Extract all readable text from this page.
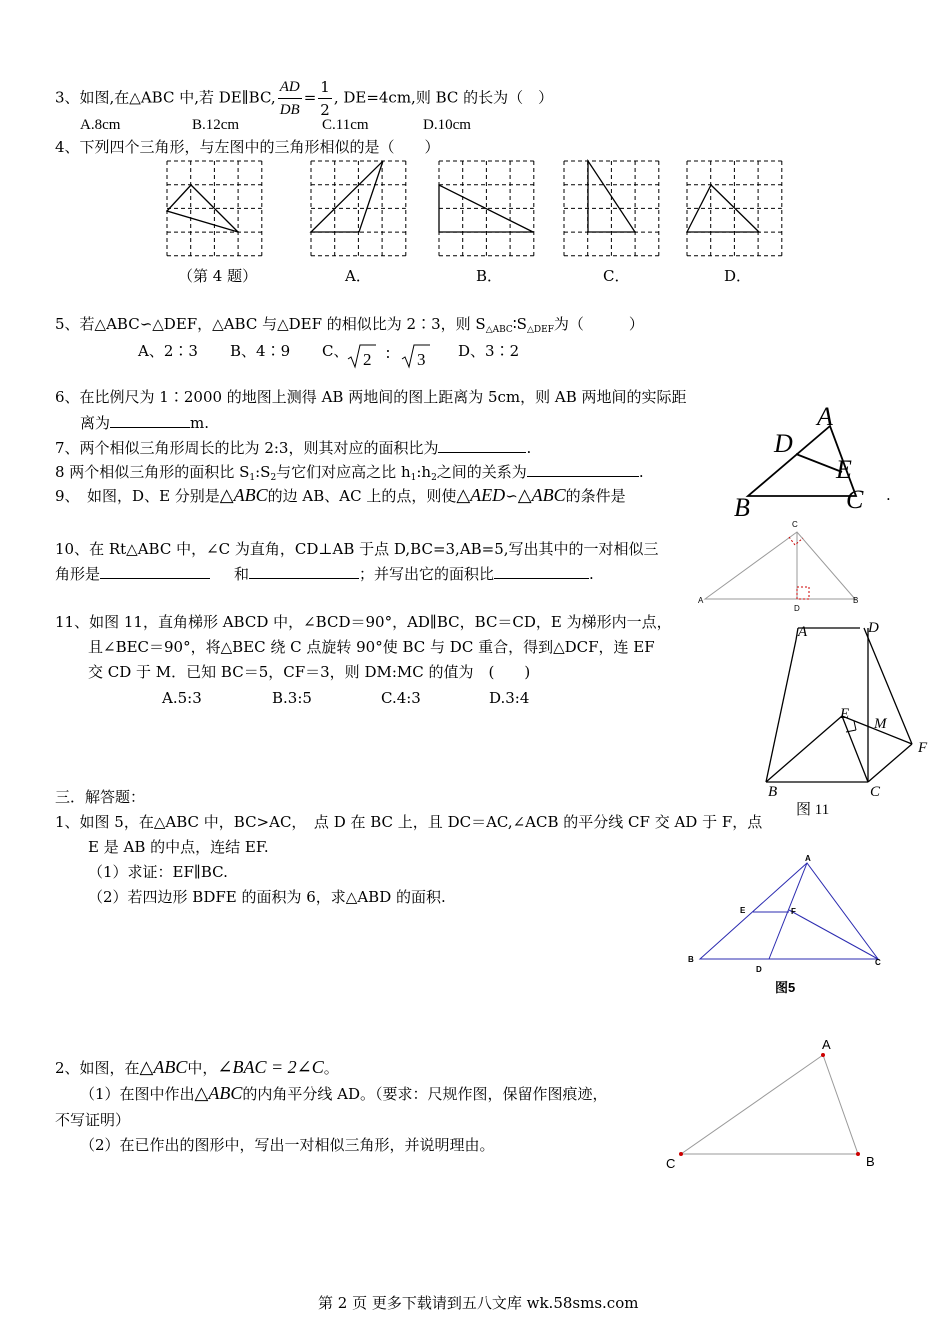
3、如图,在△ABC 中,若 DE∥BC, $\frac{AD}{DB} = \frac{1}{2}$ , DE=4cm,则 BC 的长为（　）
A.8cm	B.12cm	C.11cm	D.10cm
4、下列四个三角形，与左图中的三角形相似的是（　　）
（第 4 题）	A．	B．	C．	D．
5、若△ABC∽△DEF，△ABC 与△DEF 的相似比为 2∶3，则 $S_{\triangle ABC}∶S_{\triangle DEF}$为（　　　）
A、2∶3 B、4∶9 C、 2 ∶ 3 D、3∶2
6、在比例尺为 1∶2000 的地图上测得 AB 两地间的图上距离为 5cm，则 AB 两地间的实际距
离为	m.
7、两个相似三角形周长的比为 2:3，则其对应的面积比为	.
8 两个相似三角形的面积比 $S_1:S_2$与它们对应高之比 $h_1:h_2$之间的关系为	.
9、　如图，D、E 分别是△ABC的边 AB、AC 上的点，则使△AED∽△ABC的条件是	.
A
D
E
B	C
10、在 Rt△ABC 中，∠C 为直角，CD⊥AB 于点 D,BC=3,AB=5,写出其中的一对相似三
角形是	和	；并写出它的面积比	.
C
A
D
B
11、如图 11，直角梯形 ABCD 中，∠BCD＝90°，AD∥BC，BC＝CD，E 为梯形内一点，
且∠BEC＝90°，将△BEC 绕 C 点旋转 90°使 BC 与 DC 重合，得到△DCF，连 EF
交 CD 于 M．已知 BC＝5，CF＝3，则 DM:MC 的值为　(　　)
A.5:3	B.3:5	C.4:3	D.3:4
A	D
E
M
F
B	C
图 11
三．解答题：
1、如图 5，在△ABC 中，BC>AC，　点 D 在 BC 上，且 DC＝AC,∠ACB 的平分线 CF 交 AD 于 F，点
E 是 AB 的中点，连结 EF.
（1）求证：EF∥BC.
（2）若四边形 BDFE 的面积为 6，求△ABD 的面积.
A
E	F
B
D
C
图5
2、如图，在△ABC中，∠BAC = 2∠C。
（1）在图中作出△ABC的内角平分线 AD。（要求：尺规作图，保留作图痕迹，
不写证明）
（2）在已作出的图形中，写出一对相似三角形，并说明理由。
A
C	B
第 2 页 更多下载请到五八文库 wk.58sms.com
